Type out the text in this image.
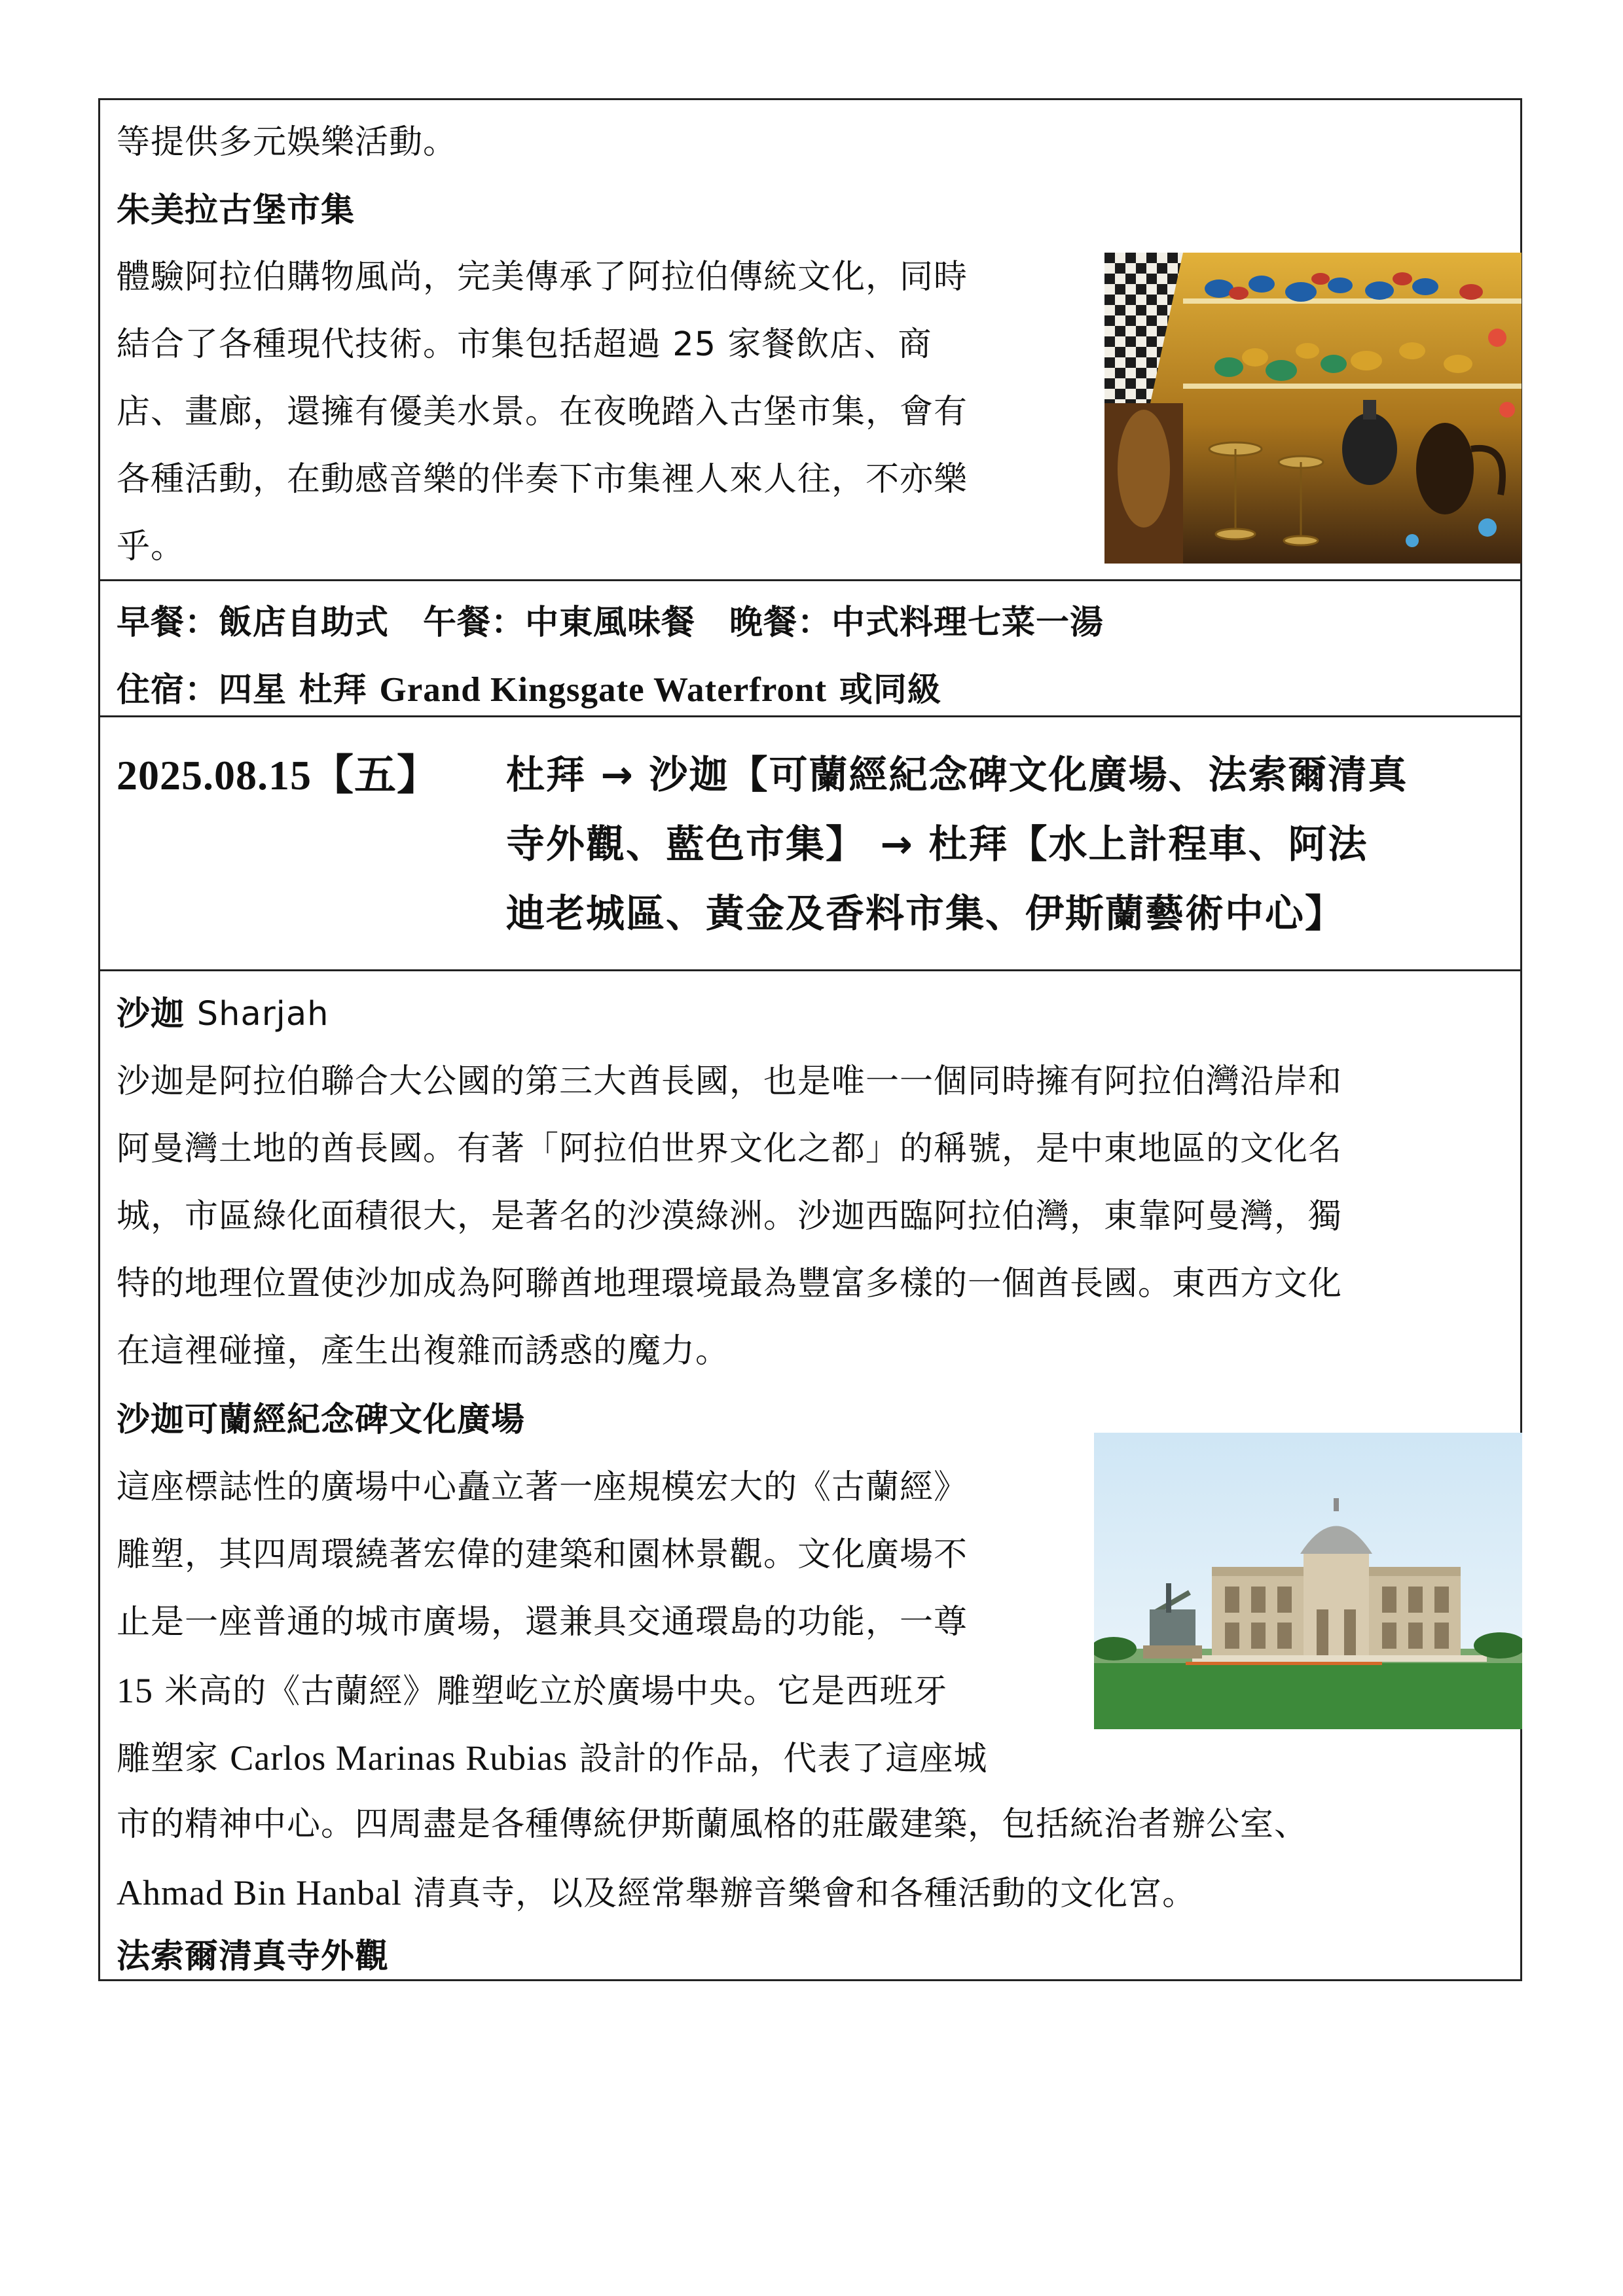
等提供多元娛樂活動。
朱美拉古堡市集
體驗阿拉伯購物風尚，完美傳承了阿拉伯傳統文化，同時
結合了各種現代技術。市集包括超過 25 家餐飲店、商
店、畫廊，還擁有優美水景。在夜晚踏入古堡市集，會有
各種活動，在動感音樂的伴奏下市集裡人來人往，不亦樂
乎。
早餐：飯店自助式　午餐：中東風味餐　晚餐：中式料理七菜一湯
住宿：四星 杜拜 Grand Kingsgate Waterfront 或同級
2025.08.15【五】 杜拜 → 沙迦【可蘭經紀念碑文化廣場、法索爾清真
寺外觀、藍色市集】 → 杜拜【水上計程車、阿法
迪老城區、黃金及香料市集、伊斯蘭藝術中心】
沙迦 Sharjah
沙迦是阿拉伯聯合大公國的第三大酋長國，也是唯一一個同時擁有阿拉伯灣沿岸和
阿曼灣土地的酋長國。有著「阿拉伯世界文化之都」的稱號，是中東地區的文化名
城，市區綠化面積很大，是著名的沙漠綠洲。沙迦西臨阿拉伯灣，東靠阿曼灣，獨
特的地理位置使沙加成為阿聯酋地理環境最為豐富多樣的一個酋長國。東西方文化
在這裡碰撞，產生出複雜而誘惑的魔力。
沙迦可蘭經紀念碑文化廣場
這座標誌性的廣場中心矗立著一座規模宏大的《古蘭經》
雕塑，其四周環繞著宏偉的建築和園林景觀。文化廣場不
止是一座普通的城市廣場，還兼具交通環島的功能，一尊
15 米高的《古蘭經》雕塑屹立於廣場中央。它是西班牙
雕塑家 Carlos Marinas Rubias 設計的作品，代表了這座城
市的精神中心。四周盡是各種傳統伊斯蘭風格的莊嚴建築，包括統治者辦公室、
Ahmad Bin Hanbal 清真寺，以及經常舉辦音樂會和各種活動的文化宮。
法索爾清真寺外觀
